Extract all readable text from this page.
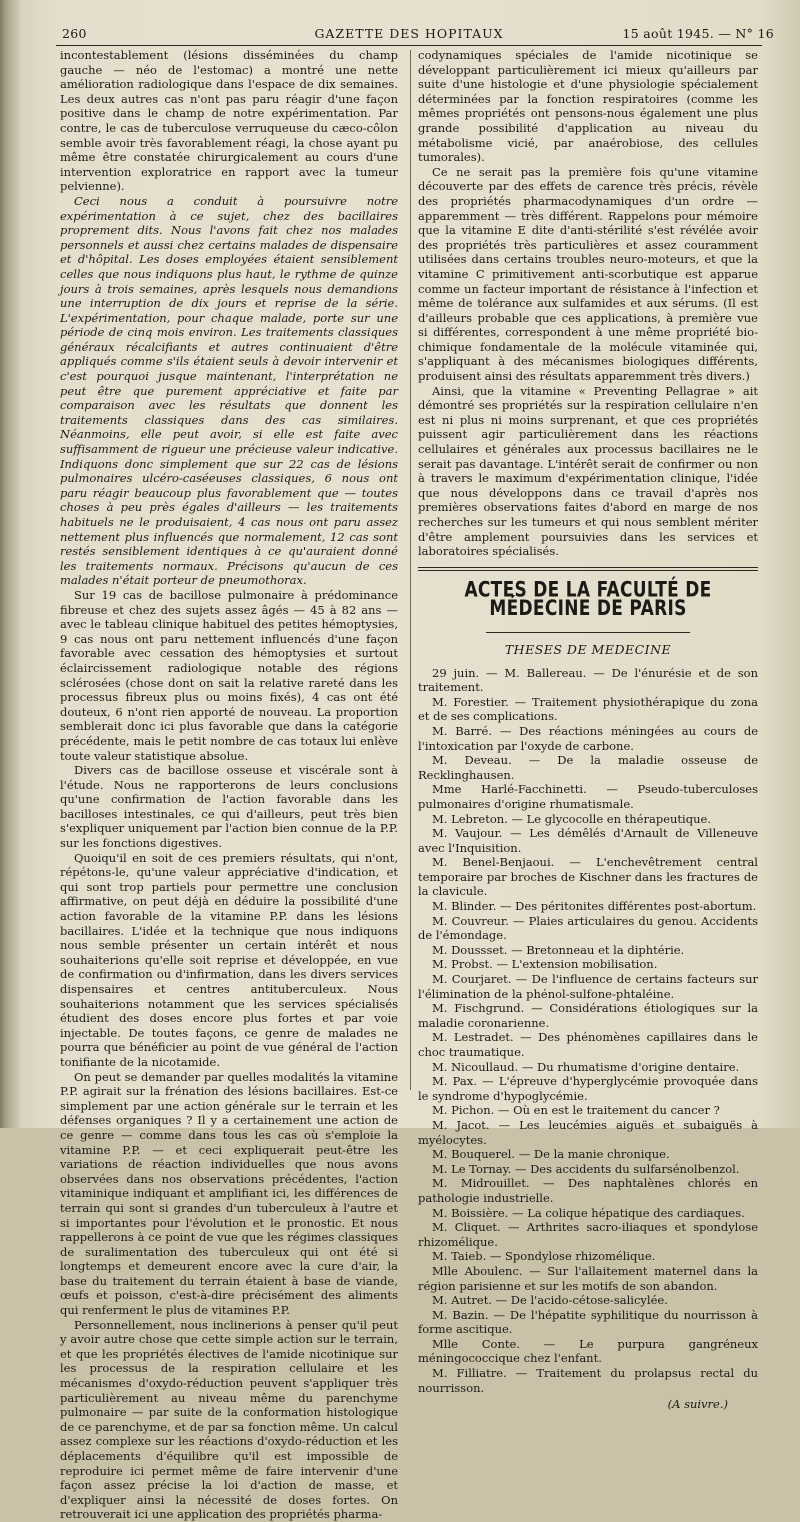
260	GAZETTE DES HOPITAUX	15 août 1945. — N° 16

incontestablement (lésions disséminées du champ gauche — néo de l'estomac) a montré une nette amélioration radiologique dans l'espace de dix semaines. Les deux autres cas n'ont pas paru réagir d'une façon positive dans le champ de notre expérimentation. Par contre, le cas de tuberculose verruqueuse du cæco-côlon semble avoir très favorablement réagi, la chose ayant pu même être constatée chirurgicalement au cours d'une intervention exploratrice en rapport avec la tumeur pelvienne).

Ceci nous a conduit à poursuivre notre expérimentation à ce sujet, chez des bacillaires proprement dits. Nous l'avons fait chez nos malades personnels et aussi chez certains malades de dispensaire et d'hôpital. Les doses employées étaient sensiblement celles que nous indiquons plus haut, le rythme de quinze jours à trois semaines, après lesquels nous demandions une interruption de dix jours et reprise de la série. L'expérimentation, pour chaque malade, porte sur une période de cinq mois environ. Les traitements classiques généraux récalcifiants et autres continuaient d'être appliqués comme s'ils étaient seuls à devoir intervenir et c'est pourquoi jusque maintenant, l'interprétation ne peut être que purement appréciative et faite par comparaison avec les résultats que donnent les traitements classiques dans des cas similaires. Néanmoins, elle peut avoir, si elle est faite avec suffisamment de rigueur une précieuse valeur indicative. Indiquons donc simplement que sur 22 cas de lésions pulmonaires ulcéro-caséeuses classiques, 6 nous ont paru réagir beaucoup plus favorablement que — toutes choses à peu près égales d'ailleurs — les traitements habituels ne le produisaient, 4 cas nous ont paru assez nettement plus influencés que normalement, 12 cas sont restés sensiblement identiques à ce qu'auraient donné les traitements normaux. Précisons qu'aucun de ces malades n'était porteur de pneumothorax.

Sur 19 cas de bacillose pulmonaire à prédominance fibreuse et chez des sujets assez âgés — 45 à 82 ans — avec le tableau clinique habituel des petites hémoptysies, 9 cas nous ont paru nettement influencés d'une façon favorable avec cessation des hémoptysies et surtout éclaircissement radiologique notable des régions sclérosées (chose dont on sait la relative rareté dans les processus fibreux plus ou moins fixés), 4 cas ont été douteux, 6 n'ont rien apporté de nouveau. La proportion semblerait donc ici plus favorable que dans la catégorie précédente, mais le petit nombre de cas totaux lui enlève toute valeur statistique absolue.

Divers cas de bacillose osseuse et viscérale sont à l'étude. Nous ne rapporterons de leurs conclusions qu'une confirmation de l'action favorable dans les bacilloses intestinales, ce qui d'ailleurs, peut très bien s'expliquer uniquement par l'action bien connue de la P.P. sur les fonctions digestives.

Quoiqu'il en soit de ces premiers résultats, qui n'ont, répétons-le, qu'une valeur appréciative d'indication, et qui sont trop partiels pour permettre une conclusion affirmative, on peut déjà en déduire la possibilité d'une action favorable de la vitamine P.P. dans les lésions bacillaires. L'idée et la technique que nous indiquons nous semble présenter un certain intérêt et nous souhaiterions qu'elle soit reprise et développée, en vue de confirmation ou d'infirmation, dans les divers services dispensaires et centres antituberculeux. Nous souhaiterions notamment que les services spécialisés étudient des doses encore plus fortes et par voie injectable. De toutes façons, ce genre de malades ne pourra que bénéficier au point de vue général de l'action tonifiante de la nicotamide.

On peut se demander par quelles modalités la vitamine P.P. agirait sur la frénation des lésions bacillaires. Est-ce simplement par une action générale sur le terrain et les défenses organiques ? Il y a certainement une action de ce genre — comme dans tous les cas où s'emploie la vitamine P.P. — et ceci expliquerait peut-être les variations de réaction individuelles que nous avons observées dans nos observations précédentes, l'action vitaminique indiquant et amplifiant ici, les différences de terrain qui sont si grandes d'un tuberculeux à l'autre et si importantes pour l'évolution et le pronostic. Et nous rappellerons à ce point de vue que les régimes classiques de suralimentation des tuberculeux qui ont été si longtemps et demeurent encore avec la cure d'air, la base du traitement du terrain étaient à base de viande, œufs et poisson, c'est-à-dire précisément des aliments qui renferment le plus de vitamines P.P.

Personnellement, nous inclinerions à penser qu'il peut y avoir autre chose que cette simple action sur le terrain, et que les propriétés électives de l'amide nicotinique sur les processus de la respiration cellulaire et les mécanismes d'oxydo-réduction peuvent s'appliquer très particulièrement au niveau même du parenchyme pulmonaire — par suite de la conformation histologique de ce parenchyme, et de par sa fonction même. Un calcul assez complexe sur les réactions d'oxydo-réduction et les déplacements d'équilibre qu'il est impossible de reproduire ici permet même de faire intervenir d'une façon assez précise la loi d'action de masse, et d'expliquer ainsi la nécessité de doses fortes. On retrouverait ici une application des propriétés pharma-

codynamiques spéciales de l'amide nicotinique se développant particulièrement ici mieux qu'ailleurs par suite d'une histologie et d'une physiologie spécialement déterminées par la fonction respiratoires (comme les mêmes propriétés ont pensons-nous également une plus grande possibilité d'application au niveau du métabolisme vicié, par anaérobiose, des cellules tumorales).

Ce ne serait pas la première fois qu'une vitamine découverte par des effets de carence très précis, révèle des propriétés pharmacodynamiques d'un ordre — apparemment — très différent. Rappelons pour mémoire que la vitamine E dite d'anti-stérilité s'est révélée avoir des propriétés très particulières et assez couramment utilisées dans certains troubles neuro-moteurs, et que la vitamine C primitivement anti-scorbutique est apparue comme un facteur important de résistance à l'infection et même de tolérance aux sulfamides et aux sérums. (Il est d'ailleurs probable que ces applications, à première vue si différentes, correspondent à une même propriété bio-chimique fondamentale de la molécule vitaminée qui, s'appliquant à des mécanismes biologiques différents, produisent ainsi des résultats apparemment très divers.)

Ainsi, que la vitamine « Preventing Pellagrae » ait démontré ses propriétés sur la respiration cellulaire n'en est ni plus ni moins surprenant, et que ces propriétés puissent agir particulièrement dans les réactions cellulaires et générales aux processus bacillaires ne le serait pas davantage. L'intérêt serait de confirmer ou non à travers le maximum d'expérimentation clinique, l'idée que nous développons dans ce travail d'après nos premières observations faites d'abord en marge de nos recherches sur les tumeurs et qui nous semblent mériter d'être amplement poursuivies dans les services et laboratoires spécialisés.

ACTES DE LA FACULTÉ DE MÉDECINE DE PARIS
THESES DE MEDECINE

29 juin. — M. Ballereau. — De l'énurésie et de son traitement.

M. Forestier. — Traitement physiothérapique du zona et de ses complications.

M. Barré. — Des réactions méningées au cours de l'intoxication par l'oxyde de carbone.

M. Deveau. — De la maladie osseuse de Recklinghausen.

Mme Harlé-Facchinetti. — Pseudo-tuberculoses pulmonaires d'origine rhumatismale.

M. Lebreton. — Le glycocolle en thérapeutique.

M. Vaujour. — Les démêlés d'Arnault de Villeneuve avec l'Inquisition.

M. Benel-Benjaoui. — L'enchevêtrement central temporaire par broches de Kischner dans les fractures de la clavicule.

M. Blinder. — Des péritonites différentes post-abortum.

M. Couvreur. — Plaies articulaires du genou. Accidents de l'émondage.

M. Doussset. — Bretonneau et la diphtérie.

M. Probst. — L'extension mobilisation.

M. Courjaret. — De l'influence de certains facteurs sur l'élimination de la phénol-sulfone-phtaléine.

M. Fischgrund. — Considérations étiologiques sur la maladie coronarienne.

M. Lestradet. — Des phénomènes capillaires dans le choc traumatique.

M. Nicoullaud. — Du rhumatisme d'origine dentaire.

M. Pax. — L'épreuve d'hyperglycémie provoquée dans le syndrome d'hypoglycémie.

M. Pichon. — Où en est le traitement du cancer ?

M. Jacot. — Les leucémies aiguës et subaiguës à myélocytes.

M. Bouquerel. — De la manie chronique.

M. Le Tornay. — Des accidents du sulfarsénolbenzol.

M. Midrouillet. — Des naphtalènes chlorés en pathologie industrielle.

M. Boissière. — La colique hépatique des cardiaques.

M. Cliquet. — Arthrites sacro-iliaques et spondylose rhizomélique.

M. Taieb. — Spondylose rhizomélique.

Mlle Aboulenc. — Sur l'allaitement maternel dans la région parisienne et sur les motifs de son abandon.

M. Autret. — De l'acido-cétose-salicylée.

M. Bazin. — De l'hépatite syphilitique du nourrisson à forme ascitique.

Mlle Conte. — Le purpura gangréneux méningococcique chez l'enfant.

M. Filliatre. — Traitement du prolapsus rectal du nourrisson.

(A suivre.)
